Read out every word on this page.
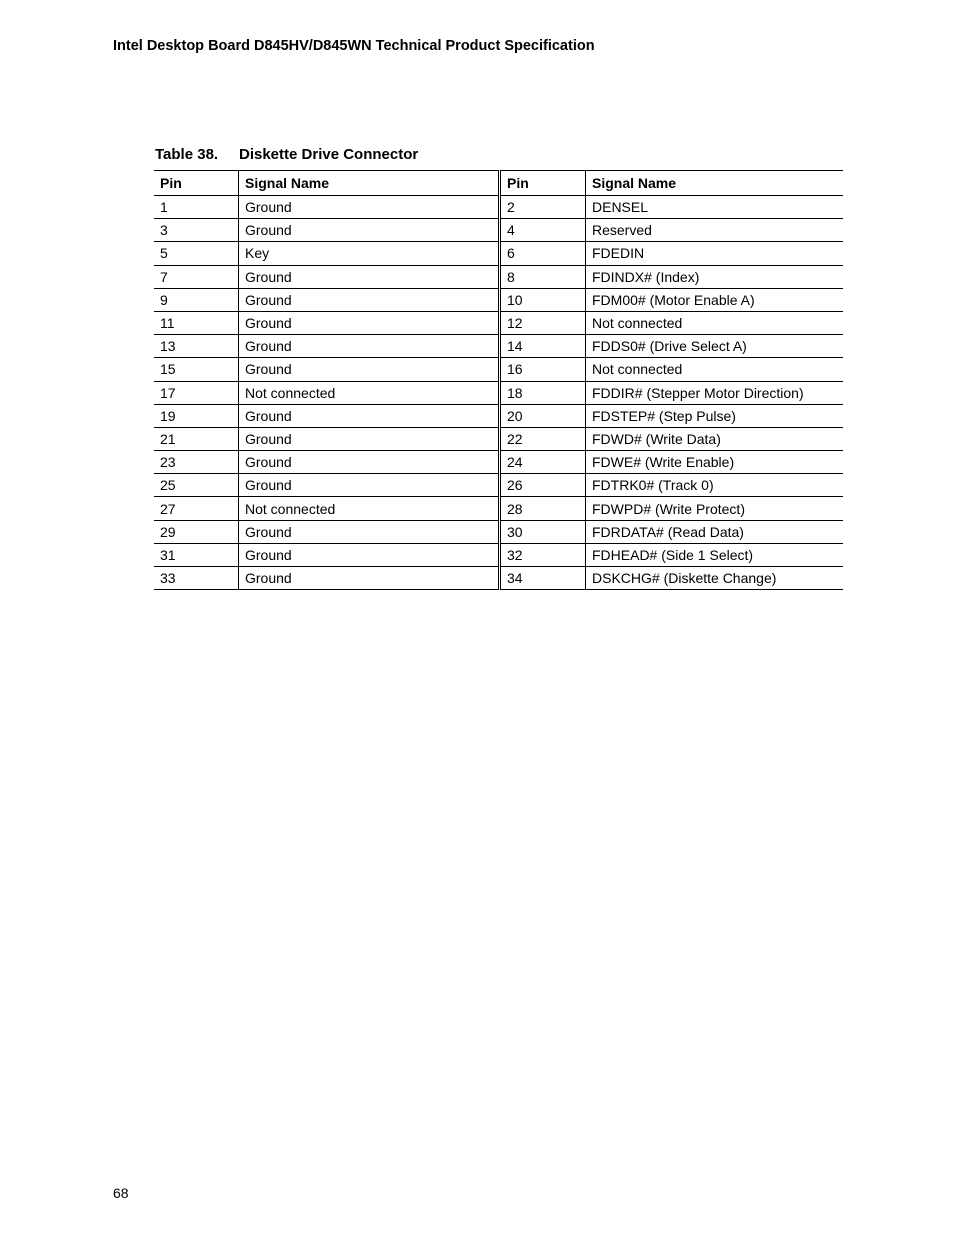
Intel Desktop Board D845HV/D845WN Technical Product Specification
Table 38. Diskette Drive Connector
Pin	Signal Name	Pin	Signal Name
1	Ground	2	DENSEL
3	Ground	4	Reserved
5	Key	6	FDEDIN
7	Ground	8	FDINDX# (Index)
9	Ground	10	FDM00# (Motor Enable A)
11	Ground	12	Not connected
13	Ground	14	FDDS0# (Drive Select A)
15	Ground	16	Not connected
17	Not connected	18	FDDIR# (Stepper Motor Direction)
19	Ground	20	FDSTEP# (Step Pulse)
21	Ground	22	FDWD# (Write Data)
23	Ground	24	FDWE# (Write Enable)
25	Ground	26	FDTRK0# (Track 0)
27	Not connected	28	FDWPD# (Write Protect)
29	Ground	30	FDRDATA# (Read Data)
31	Ground	32	FDHEAD# (Side 1 Select)
33	Ground	34	DSKCHG# (Diskette Change)
68
